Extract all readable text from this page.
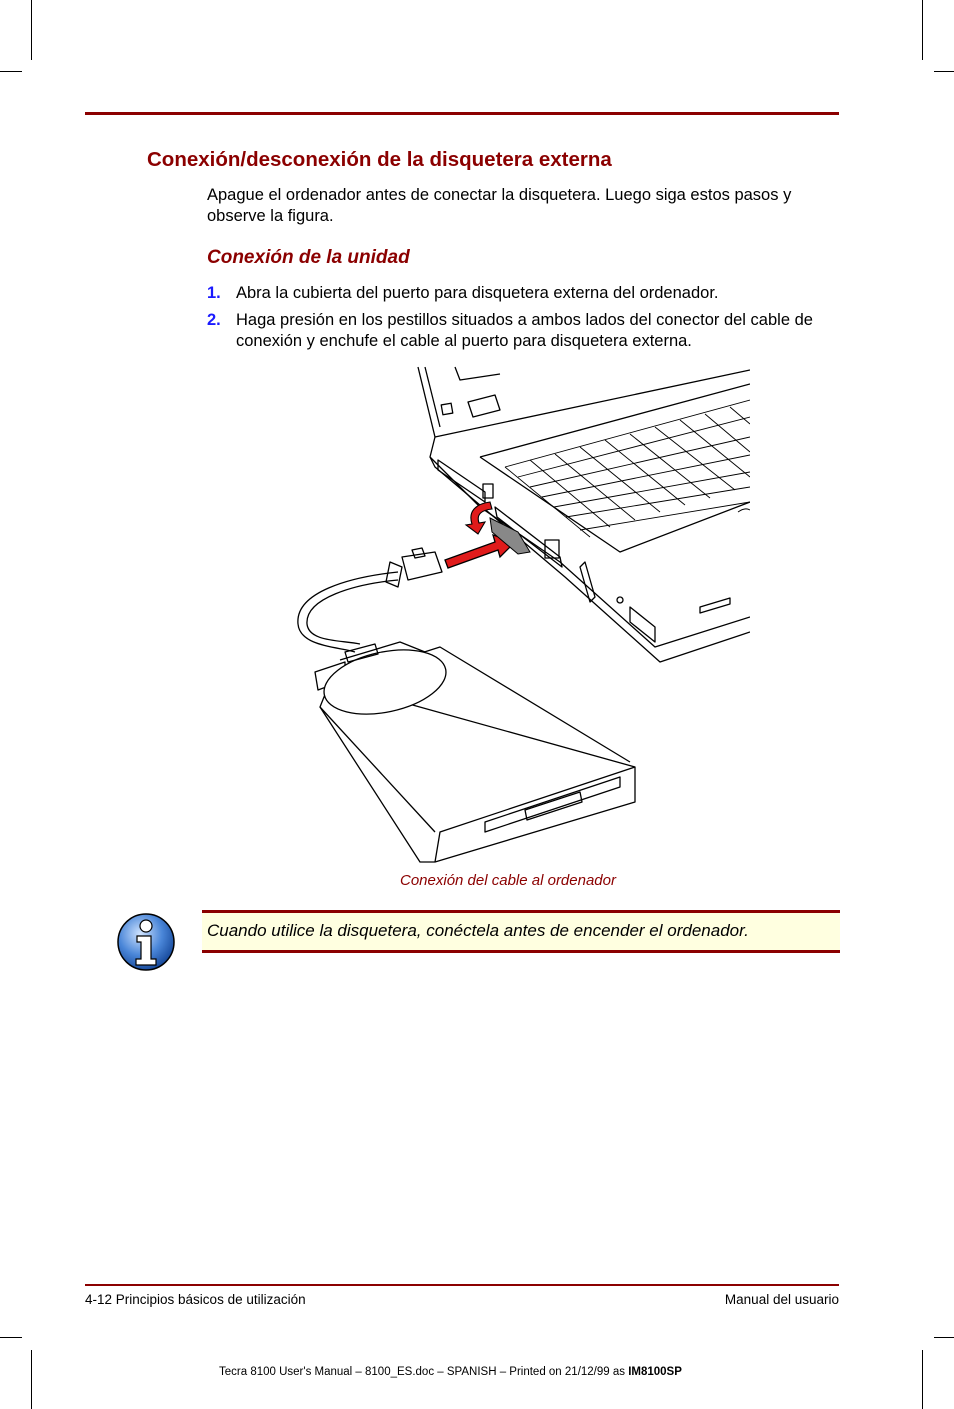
Conexión/desconexión de la disquetera externa
Apague el ordenador antes de conectar la disquetera. Luego siga estos pasos y observe la figura.
Conexión de la unidad
1. Abra la cubierta del puerto para disquetera externa del ordenador.
2. Haga presión en los pestillos situados a ambos lados del conector del cable de conexión y enchufe el cable al puerto para disquetera externa.
Conexión del cable al ordenador
Cuando utilice la disquetera, conéctela antes de encender el ordenador.
4-12 Principios básicos de utilización	Manual del usuario
Tecra 8100 User's Manual – 8100_ES.doc – SPANISH – Printed on 21/12/99 as IM8100SP
